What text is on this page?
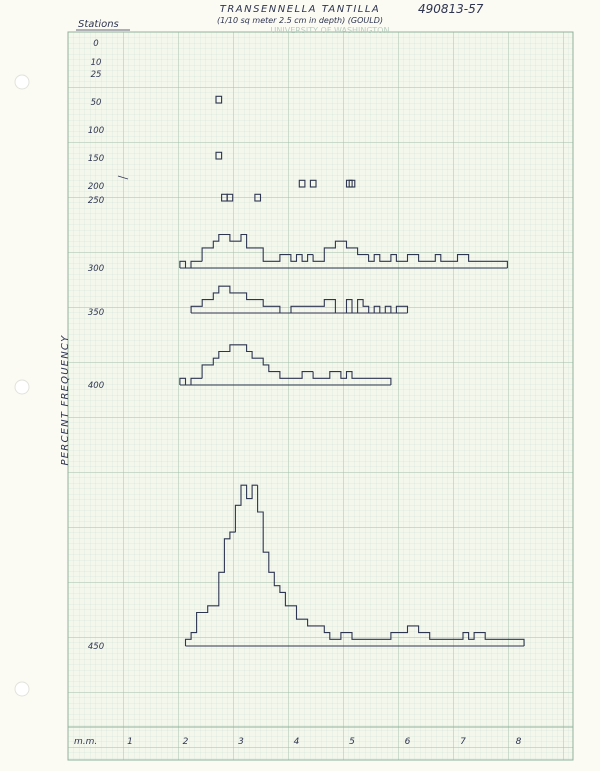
UNIVERSITY OF WASHINGTON
TRANSENNELLA TANTILLA
(1/10 sq meter 2.5 cm in depth) (GOULD)
490813-57
Stations
PERCENT FREQUENCY
m.m.	1	2	3	4	5	6	7	8
0
10
25
50
100
150
200
250
300
350
400
450
